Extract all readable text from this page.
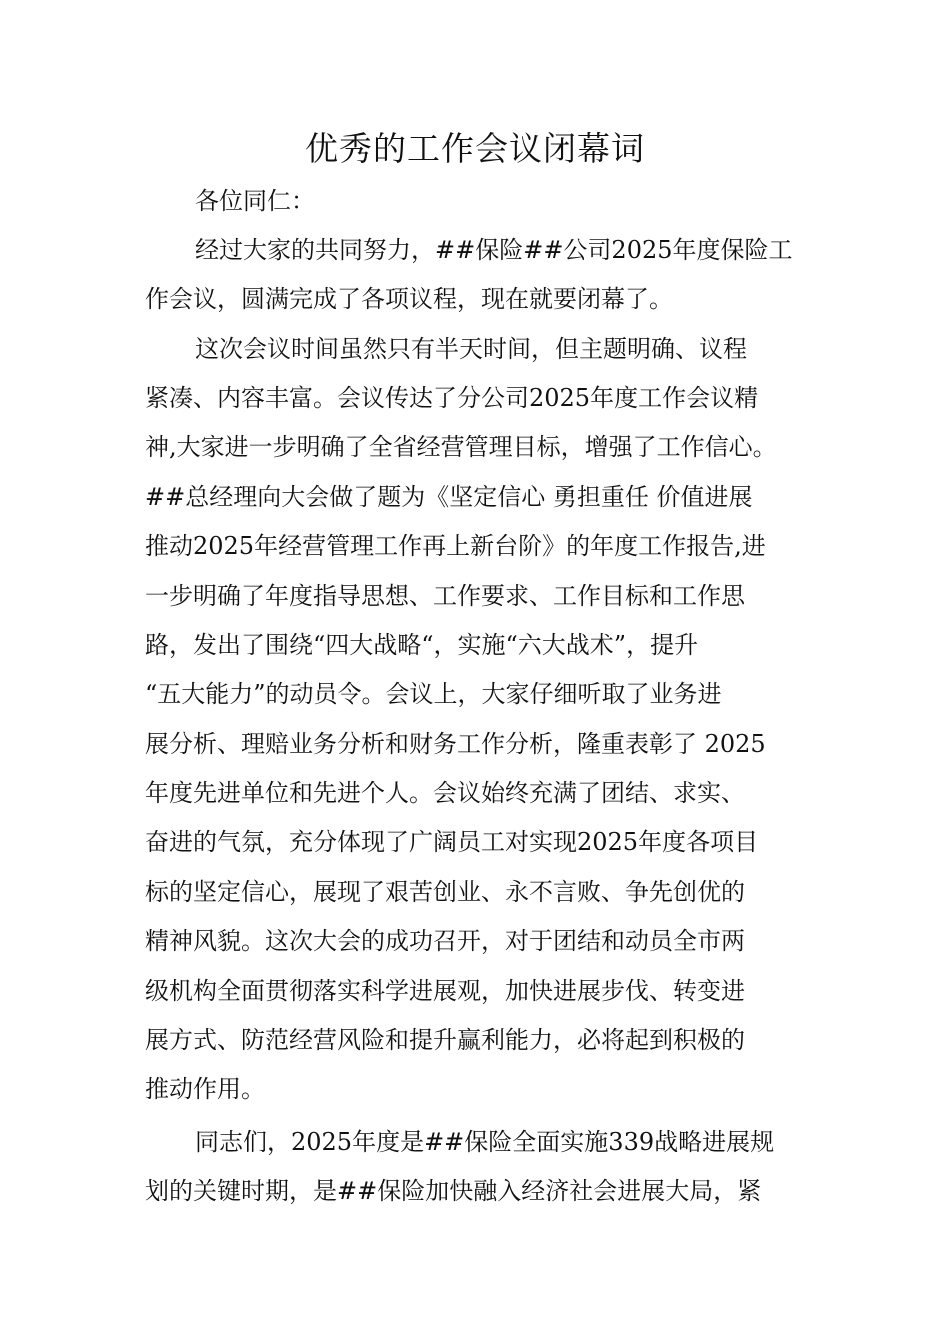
优秀的工作会议闭幕词
各位同仁：
经过大家的共同努力，##保险##公司2025年度保险工
作会议，圆满完成了各项议程，现在就要闭幕了。
这次会议时间虽然只有半天时间，但主题明确、议程
紧凑、内容丰富。会议传达了分公司2025年度工作会议精
神,大家进一步明确了全省经营管理目标，增强了工作信心。
##总经理向大会做了题为《坚定信心 勇担重任 价值进展
推动2025年经营管理工作再上新台阶》的年度工作报告,进
一步明确了年度指导思想、工作要求、工作目标和工作思
路，发出了围绕“四大战略“，实施“六大战术”，提升
“五大能力”的动员令。会议上，大家仔细听取了业务进
展分析、理赔业务分析和财务工作分析，隆重表彰了 2025
年度先进单位和先进个人。会议始终充满了团结、求实、
奋进的气氛，充分体现了广阔员工对实现2025年度各项目
标的坚定信心，展现了艰苦创业、永不言败、争先创优的
精神风貌。这次大会的成功召开，对于团结和动员全市两
级机构全面贯彻落实科学进展观，加快进展步伐、转变进
展方式、防范经营风险和提升赢利能力，必将起到积极的
推动作用。
同志们，2025年度是##保险全面实施339战略进展规
划的关键时期，是##保险加快融入经济社会进展大局，紧
